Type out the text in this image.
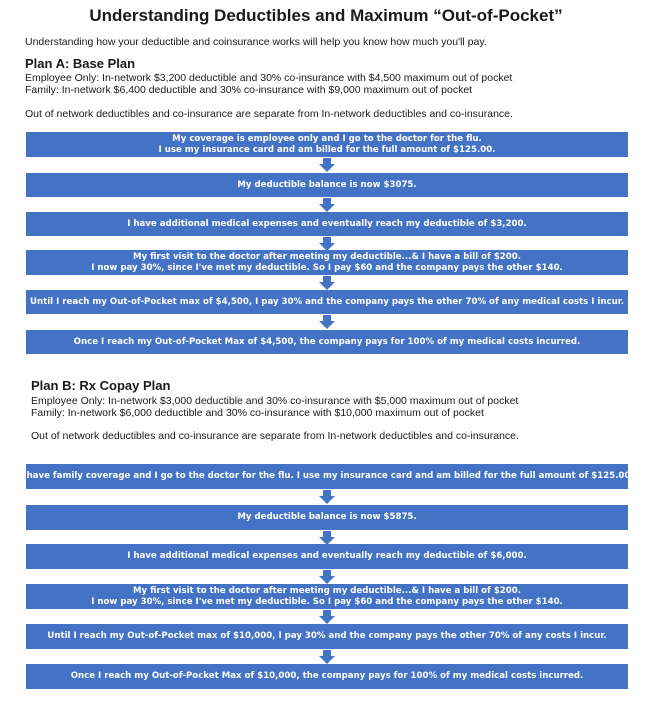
Understanding Deductibles and Maximum “Out-of-Pocket”
Understanding how your deductible and coinsurance works will help you know how much you'll pay.
Plan A: Base Plan
Employee Only: In-network $3,200 deductible and 30% co-insurance with $4,500 maximum out of pocket
Family: In-network $6,400 deductible and 30% co-insurance with $9,000 maximum out of pocket
Out of network deductibles and co-insurance are separate from In-network deductibles and co-insurance.
My coverage is employee only and I go to the doctor for the flu.
I use my insurance card and am billed for the full amount of $125.00.
My deductible balance is now $3075.
I have additional medical expenses and eventually reach my deductible of $3,200.
My first visit to the doctor after meeting my deductible...& I have a bill of $200.
I now pay 30%, since I've met my deductible. So I pay $60 and the company pays the other $140.
Until I reach my Out-of-Pocket max of $4,500, I pay 30% and the company pays the other 70% of any medical costs I incur.
Once I reach my Out-of-Pocket Max of $4,500, the company pays for 100% of my medical costs incurred.
Plan B: Rx Copay Plan
Employee Only: In-network $3,000 deductible and 30% co-insurance with $5,000 maximum out of pocket
Family: In-network $6,000 deductible and 30% co-insurance with $10,000 maximum out of pocket
Out of network deductibles and co-insurance are separate from In-network deductibles and co-insurance.
I have family coverage and I go to the doctor for the flu. I use my insurance card and am billed for the full amount of $125.00.
My deductible balance is now $5875.
I have additional medical expenses and eventually reach my deductible of $6,000.
My first visit to the doctor after meeting my deductible...& I have a bill of $200.
I now pay 30%, since I've met my deductible. So I pay $60 and the company pays the other $140.
Until I reach my Out-of-Pocket max of $10,000, I pay 30% and the company pays the other 70% of any costs I incur.
Once I reach my Out-of-Pocket Max of $10,000, the company pays for 100% of my medical costs incurred.
